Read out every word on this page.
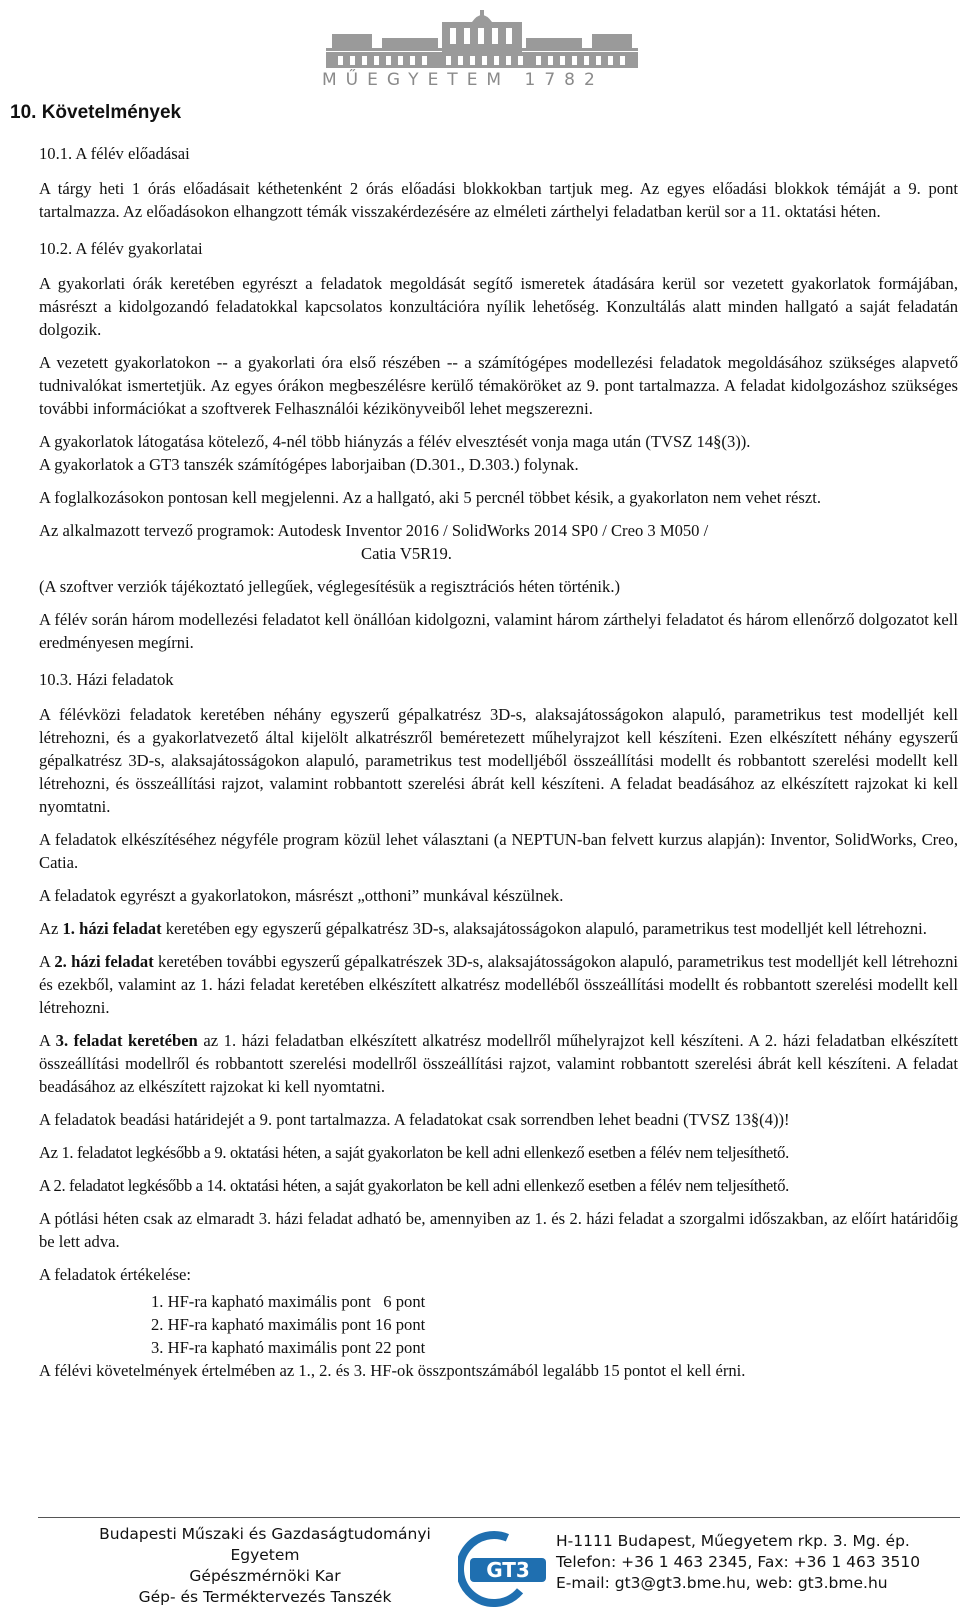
MŰEGYETEM 1782
10. Követelmények

10.1. A félév előadásai

A tárgy heti 1 órás előadásait kéthetenként 2 órás előadási blokkokban tartjuk meg. Az egyes előadási blokkok témáját a 9. pont tartalmazza. Az előadásokon elhangzott témák visszakérdezésére az elméleti zárthelyi feladatban kerül sor a 11. oktatási héten.

10.2. A félév gyakorlatai

A gyakorlati órák keretében egyrészt a feladatok megoldását segítő ismeretek átadására kerül sor vezetett gyakorlatok formájában, másrészt a kidolgozandó feladatokkal kapcsolatos konzultációra nyílik lehetőség. Konzultálás alatt minden hallgató a saját feladatán dolgozik.

A vezetett gyakorlatokon -- a gyakorlati óra első részében -- a számítógépes modellezési feladatok megoldásához szükséges alapvető tudnivalókat ismertetjük. Az egyes órákon megbeszélésre kerülő témaköröket az 9. pont tartalmazza. A feladat kidolgozáshoz szükséges további információkat a szoftverek Felhasználói kézikönyveiből lehet megszerezni.

A gyakorlatok látogatása kötelező, 4-nél több hiányzás a félév elvesztését vonja maga után (TVSZ 14§(3)).
A gyakorlatok a GT3 tanszék számítógépes laborjaiban (D.301., D.303.) folynak.

A foglalkozásokon pontosan kell megjelenni. Az a hallgató, aki 5 percnél többet késik, a gyakorlaton nem vehet részt.

Az alkalmazott tervező programok: Autodesk Inventor 2016 / SolidWorks 2014 SP0 / Creo 3 M050 /

Catia V5R19.

(A szoftver verziók tájékoztató jellegűek, véglegesítésük a regisztrációs héten történik.)

A félév során három modellezési feladatot kell önállóan kidolgozni, valamint három zárthelyi feladatot és három ellenőrző dolgozatot kell eredményesen megírni.

10.3. Házi feladatok

A félévközi feladatok keretében néhány egyszerű gépalkatrész 3D-s, alaksajátosságokon alapuló, parametrikus test modelljét kell létrehozni, és a gyakorlatvezető által kijelölt alkatrészről beméretezett műhelyrajzot kell készíteni. Ezen elkészített néhány egyszerű gépalkatrész 3D-s, alaksajátosságokon alapuló, parametrikus test modelljéből összeállítási modellt és robbantott szerelési modellt kell létrehozni, és összeállítási rajzot, valamint robbantott szerelési ábrát kell készíteni. A feladat beadásához az elkészített rajzokat ki kell nyomtatni.

A feladatok elkészítéséhez négyféle program közül lehet választani (a NEPTUN-ban felvett kurzus alapján): Inventor, SolidWorks, Creo, Catia.

A feladatok egyrészt a gyakorlatokon, másrészt „otthoni” munkával készülnek.

Az 1. házi feladat keretében egy egyszerű gépalkatrész 3D-s, alaksajátosságokon alapuló, parametrikus test modelljét kell létrehozni.

A 2. házi feladat keretében további egyszerű gépalkatrészek 3D-s, alaksajátosságokon alapuló, parametrikus test modelljét kell létrehozni és ezekből, valamint az 1. házi feladat keretében elkészített alkatrész modelléből összeállítási modellt és robbantott szerelési modellt kell létrehozni.

A 3. feladat keretében az 1. házi feladatban elkészített alkatrész modellről műhelyrajzot kell készíteni. A 2. házi feladatban elkészített összeállítási modellről és robbantott szerelési modellről összeállítási rajzot, valamint robbantott szerelési ábrát kell készíteni. A feladat beadásához az elkészített rajzokat ki kell nyomtatni.

A feladatok beadási határidejét a 9. pont tartalmazza. A feladatokat csak sorrendben lehet beadni (TVSZ 13§(4))!

Az 1. feladatot legkésőbb a 9. oktatási héten, a saját gyakorlaton be kell adni ellenkező esetben a félév nem teljesíthető.

A 2. feladatot legkésőbb a 14. oktatási héten, a saját gyakorlaton be kell adni ellenkező esetben a félév nem teljesíthető.

A pótlási héten csak az elmaradt 3. házi feladat adható be, amennyiben az 1. és 2. házi feladat a szorgalmi időszakban, az előírt határidőig be lett adva.

A feladatok értékelése:

1. HF-ra kapható maximális pont 6 pont
2. HF-ra kapható maximális pont 16 pont
3. HF-ra kapható maximális pont 22 pont

A félévi követelmények értelmében az 1., 2. és 3. HF-ok összpontszámából legalább 15 pontot el kell érni.

Budapesti Műszaki és Gazdaságtudományi
Egyetem
Gépészmérnöki Kar
Gép- és Terméktervezés Tanszék
GT3
H-1111 Budapest, Műegyetem rkp. 3. Mg. ép.
Telefon: +36 1 463 2345, Fax: +36 1 463 3510
E-mail: gt3@gt3.bme.hu, web: gt3.bme.hu
